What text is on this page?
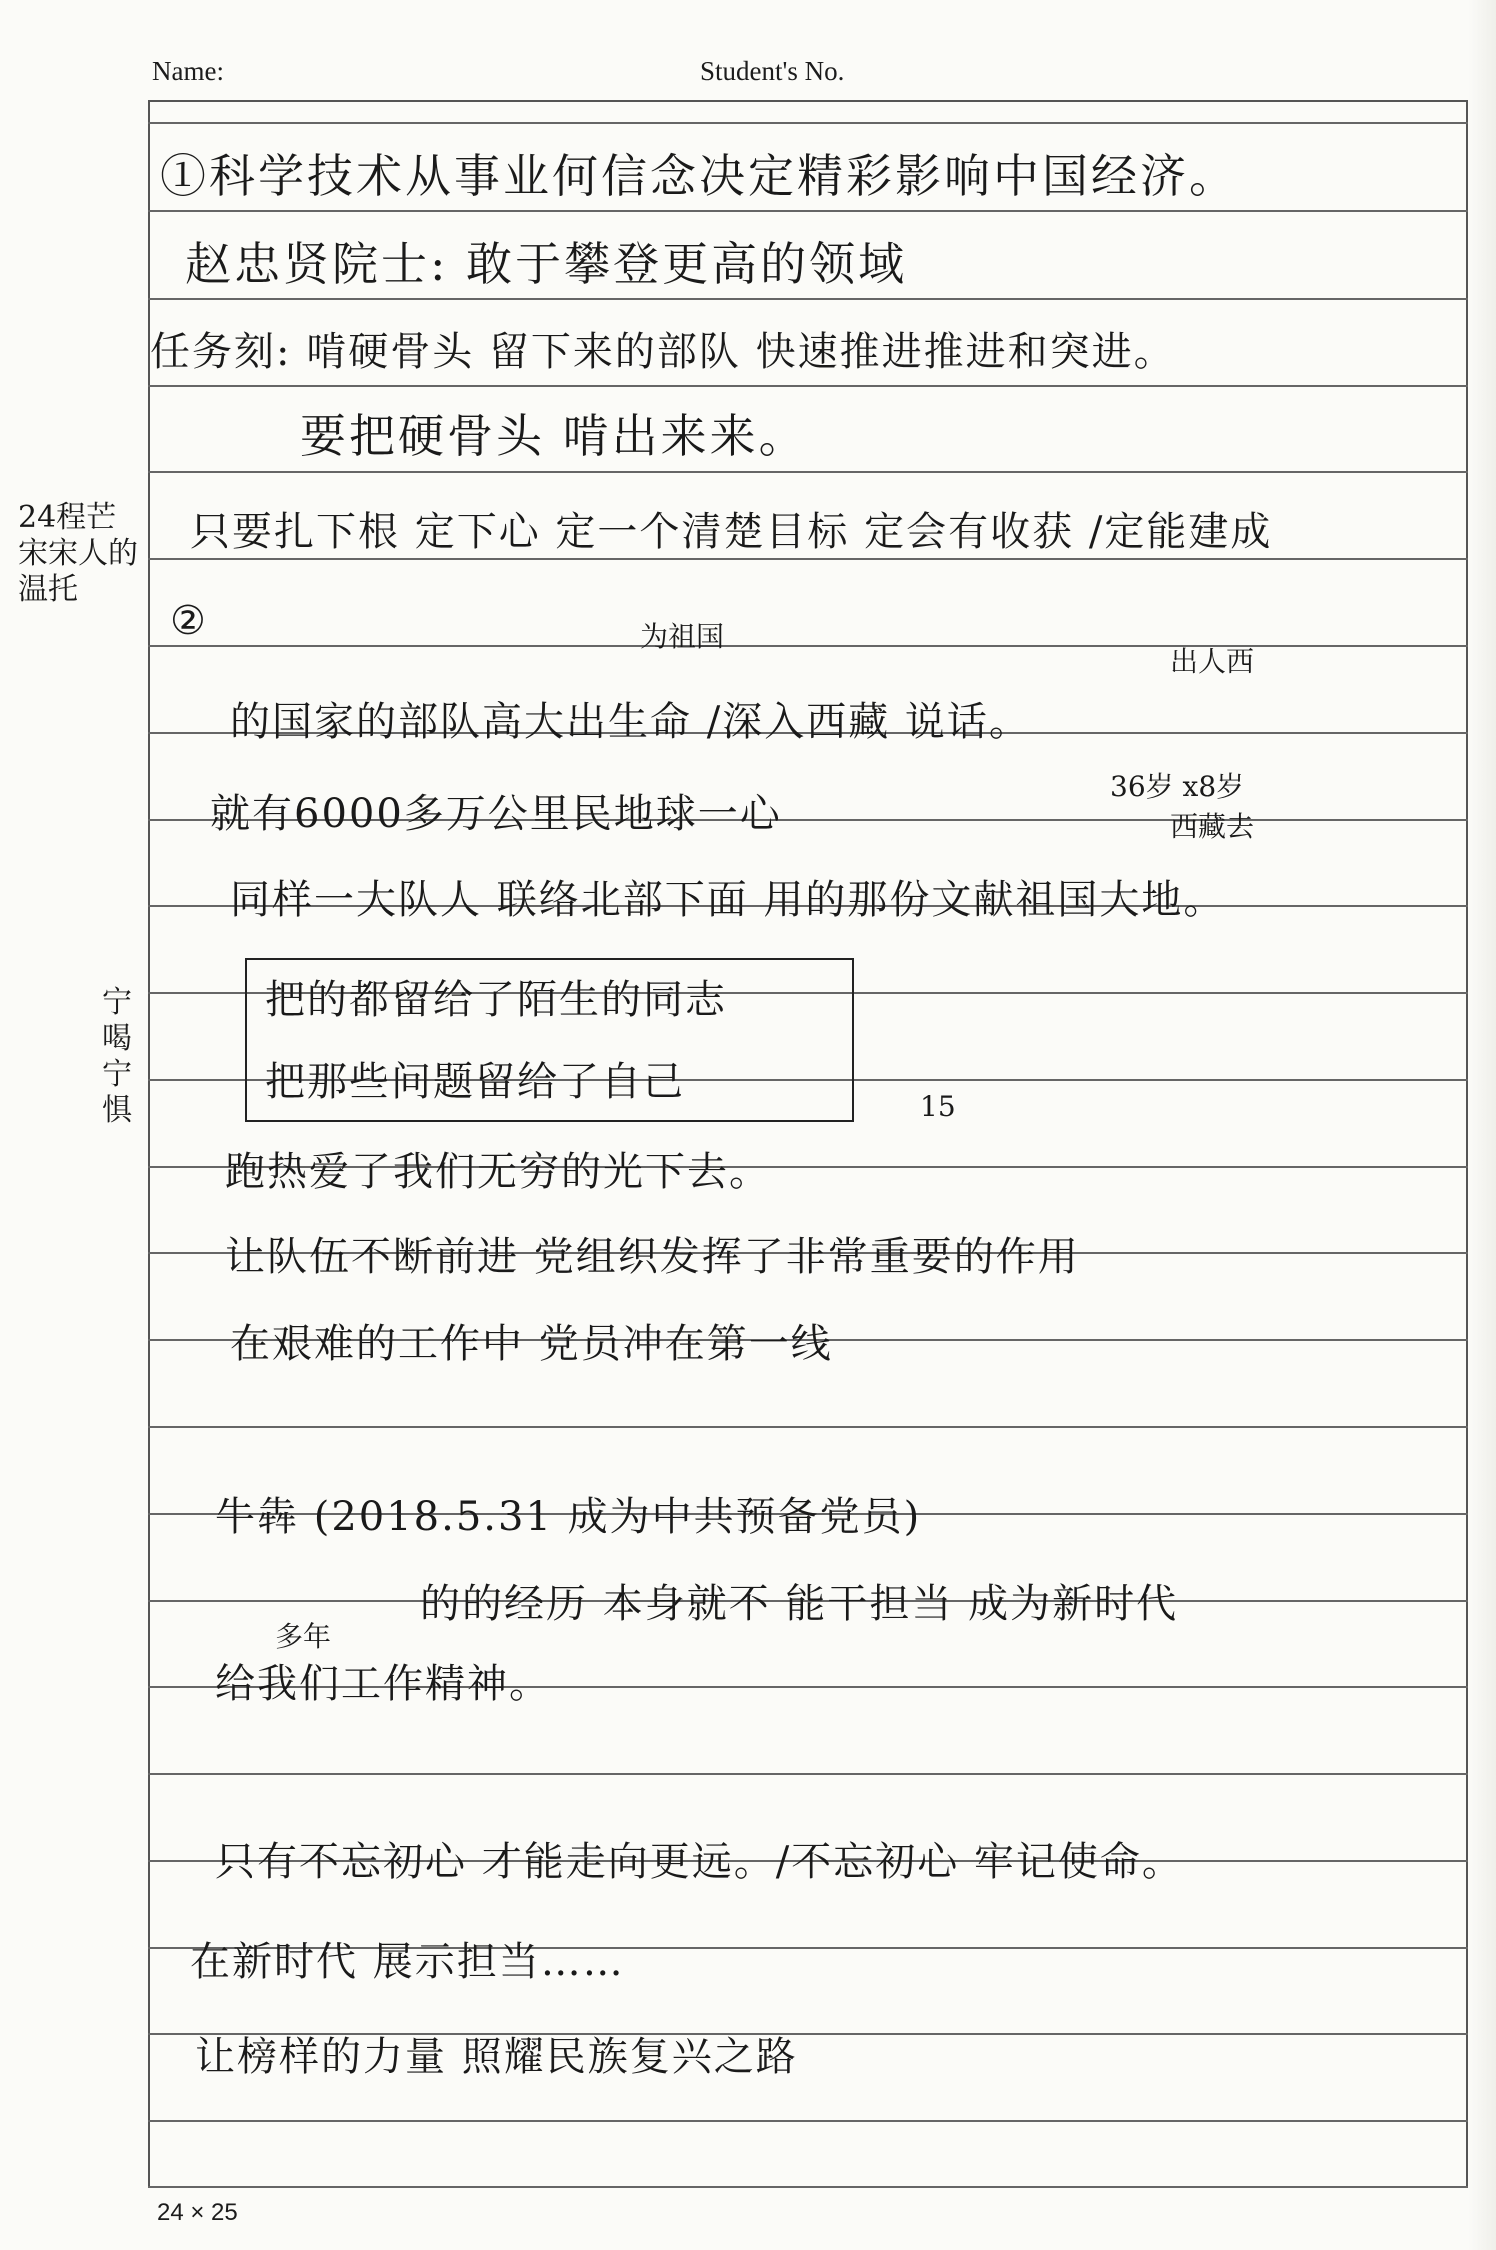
Name:	Student's No.
24程芒 宋宋人的 温托
宁喝 宁惧
①科学技术从事业何信念决定精彩影响中国经济。
赵忠贤院士: 敢于攀登更高的领域
任务刻: 啃硬骨头 留下来的部队 快速推进推进和突进。
要把硬骨头 啃出来来。
只要扎下根 定下心 定一个清楚目标 定会有收获 /定能建成
②	为祖国
的国家的部队高大出生命 /深入西藏 说话。
出人西
36岁 x8岁
西藏去
就有6000多万公里民地球一心
同样一大队人 联络北部下面 用的那份文献祖国大地。
把的都留给了陌生的同志
把那些问题留给了自己
15
跑热爱了我们无穷的光下去。
让队伍不断前进 党组织发挥了非常重要的作用
在艰难的工作中 党员冲在第一线
牛犇 (2018.5.31 成为中共预备党员)
多年
的的经历 本身就不 能干担当 成为新时代
给我们工作精神。
只有不忘初心 才能走向更远。/不忘初心 牢记使命。
在新时代 展示担当……
让榜样的力量 照耀民族复兴之路
24 × 25
